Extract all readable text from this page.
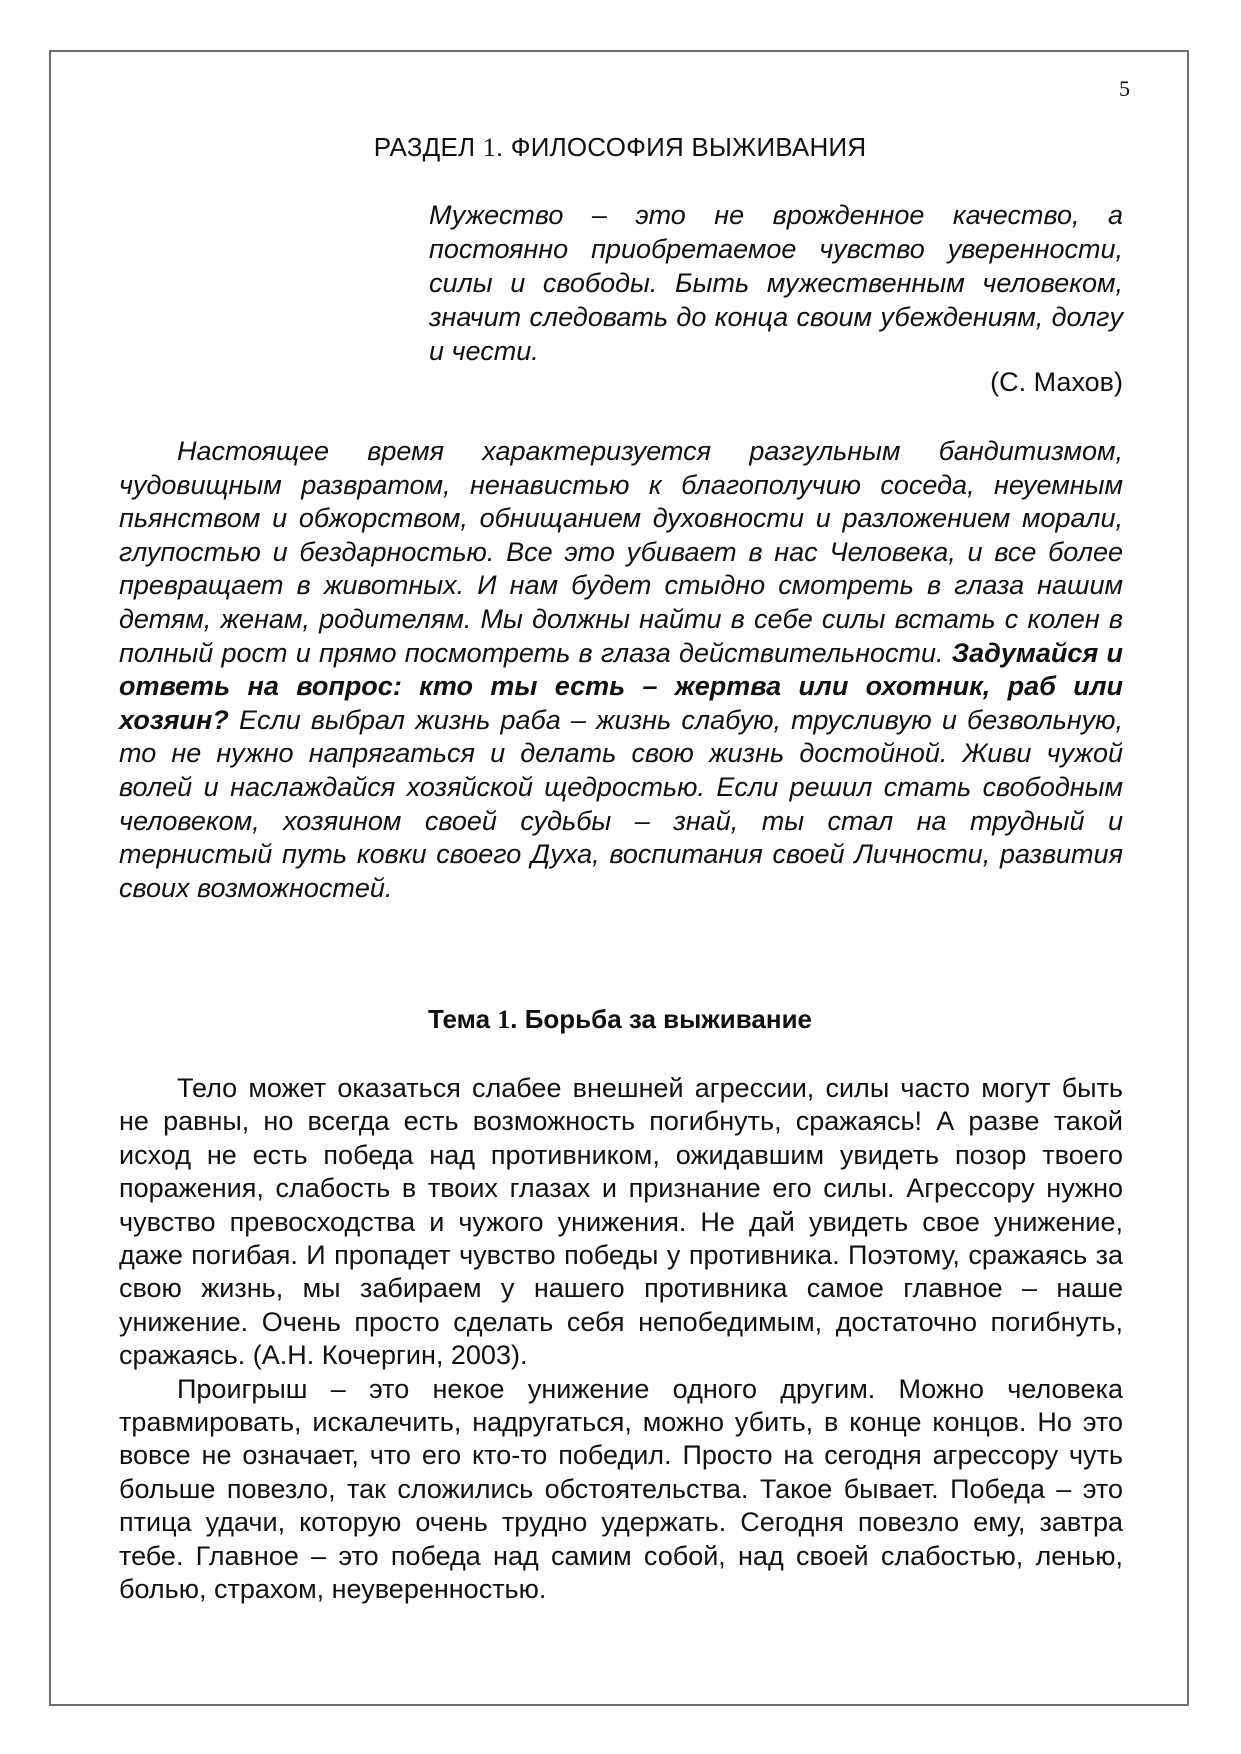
5
РАЗДЕЛ 1. ФИЛОСОФИЯ ВЫЖИВАНИЯ
Мужество – это не врожденное качество, а постоянно приобретаемое чувство уверенности, силы и свободы. Быть мужественным человеком, значит следовать до конца своим убеждениям, долгу и чести.
(С. Махов)

Настоящее время характеризуется разгульным бандитизмом, чудовищным развратом, ненавистью к благополучию соседа, неуемным пьянством и обжорством, обнищанием духовности и разложением морали, глупостью и бездарностью. Все это убивает в нас Человека, и все более превращает в животных. И нам будет стыдно смотреть в глаза нашим детям, женам, родителям. Мы должны найти в себе силы встать с колен в полный рост и прямо посмотреть в глаза действительности. Задумайся и ответь на вопрос: кто ты есть – жертва или охотник, раб или хозяин? Если выбрал жизнь раба – жизнь слабую, трусливую и безвольную, то не нужно напрягаться и делать свою жизнь достойной. Живи чужой волей и наслаждайся хозяйской щедростью. Если решил стать свободным человеком, хозяином своей судьбы – знай, ты стал на трудный и тернистый путь ковки своего Духа, воспитания своей Личности, развития своих возможностей.

Тема 1. Борьба за выживание

Тело может оказаться слабее внешней агрессии, силы часто могут быть не равны, но всегда есть возможность погибнуть, сражаясь! А разве такой исход не есть победа над противником, ожидавшим увидеть позор твоего поражения, слабость в твоих глазах и признание его силы. Агрессору нужно чувство превосходства и чужого унижения. Не дай увидеть свое унижение, даже погибая. И пропадет чувство победы у противника. Поэтому, сражаясь за свою жизнь, мы забираем у нашего противника самое главное – наше унижение. Очень просто сделать себя непобедимым, достаточно погибнуть, сражаясь. (А.Н. Кочергин, 2003).

Проигрыш – это некое унижение одного другим. Можно человека травмировать, искалечить, надругаться, можно убить, в конце концов. Но это вовсе не означает, что его кто-то победил. Просто на сегодня агрессору чуть больше повезло, так сложились обстоятельства. Такое бывает. Победа – это птица удачи, которую очень трудно удержать. Сегодня повезло ему, завтра тебе. Главное – это победа над самим собой, над своей слабостью, ленью, болью, страхом, неуверенностью.
